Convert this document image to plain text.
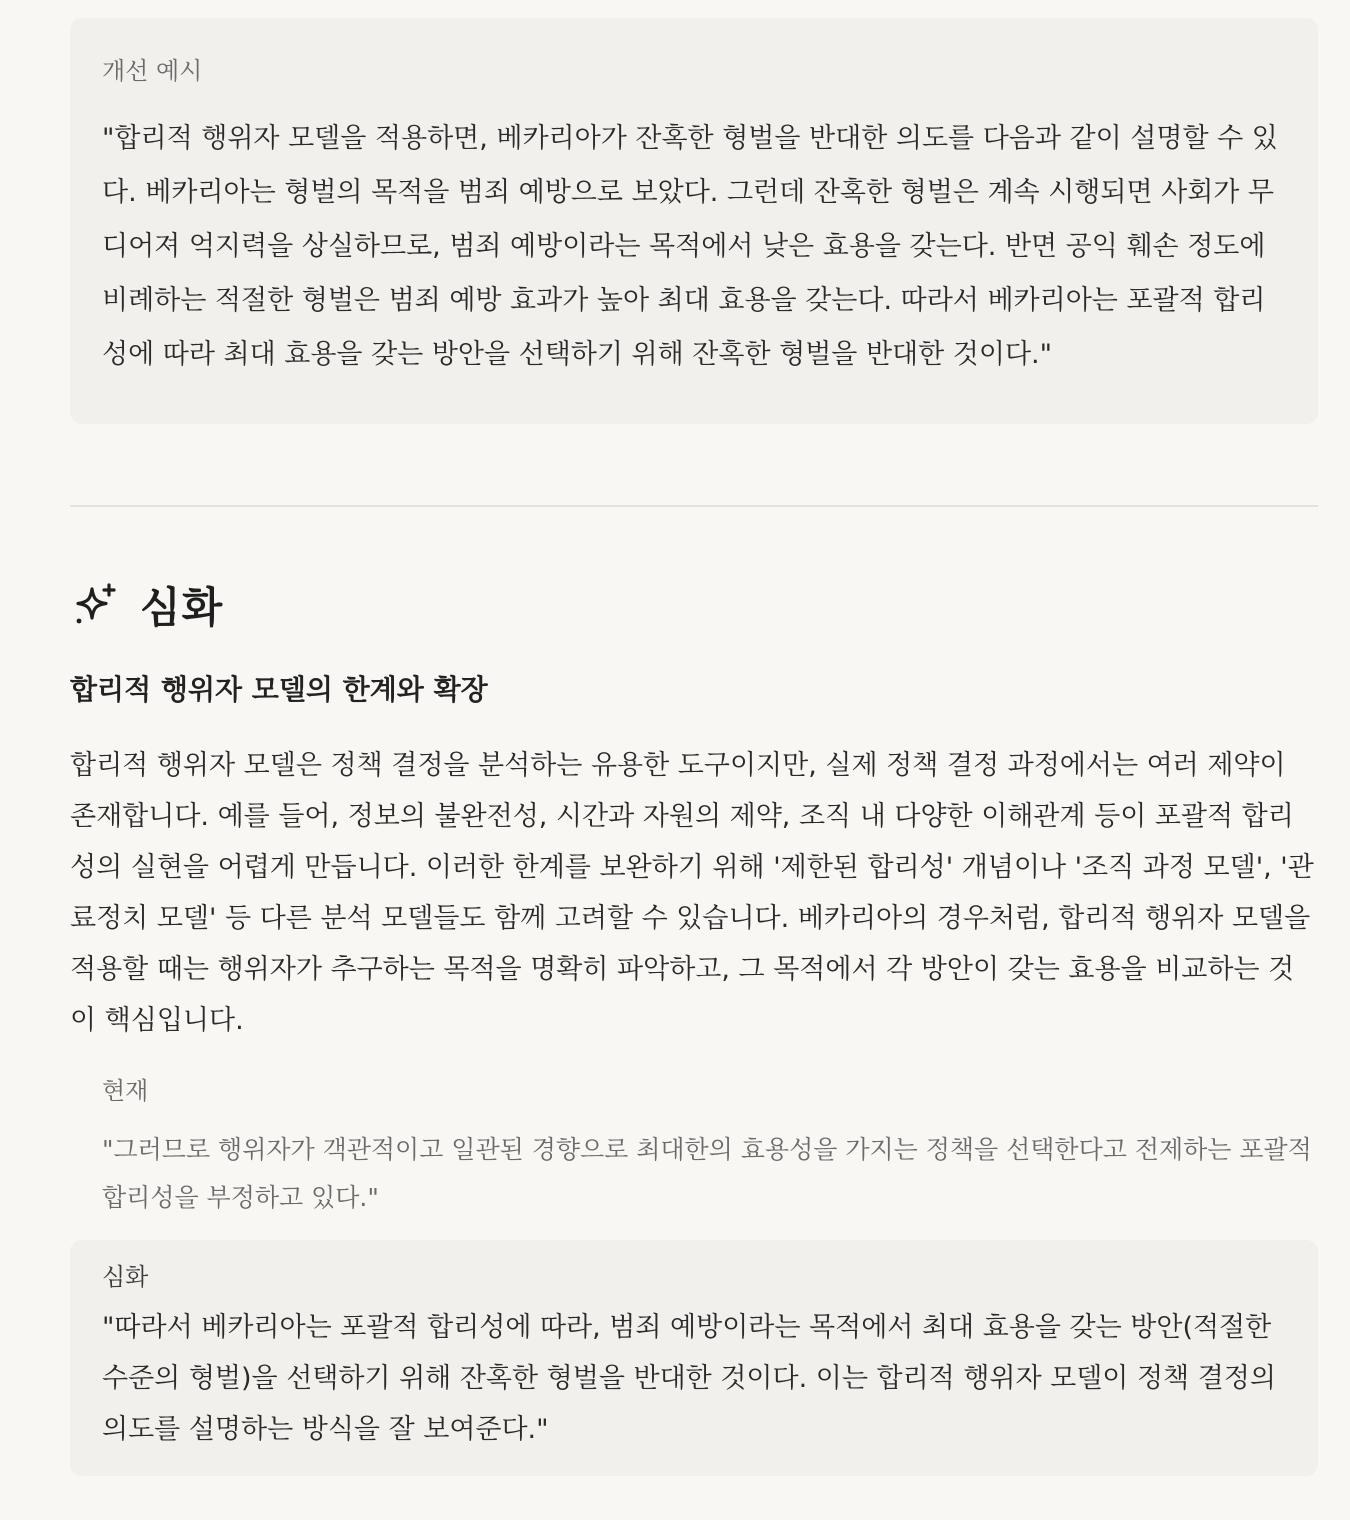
개선 예시
"합리적 행위자 모델을 적용하면, 베카리아가 잔혹한 형벌을 반대한 의도를 다음과 같이 설명할 수 있다. 베카리아는 형벌의 목적을 범죄 예방으로 보았다. 그런데 잔혹한 형벌은 계속 시행되면 사회가 무디어져 억지력을 상실하므로, 범죄 예방이라는 목적에서 낮은 효용을 갖는다. 반면 공익 훼손 정도에 비례하는 적절한 형벌은 범죄 예방 효과가 높아 최대 효용을 갖는다. 따라서 베카리아는 포괄적 합리성에 따라 최대 효용을 갖는 방안을 선택하기 위해 잔혹한 형벌을 반대한 것이다."
심화
합리적 행위자 모델의 한계와 확장
합리적 행위자 모델은 정책 결정을 분석하는 유용한 도구이지만, 실제 정책 결정 과정에서는 여러 제약이 존재합니다. 예를 들어, 정보의 불완전성, 시간과 자원의 제약, 조직 내 다양한 이해관계 등이 포괄적 합리성의 실현을 어렵게 만듭니다. 이러한 한계를 보완하기 위해 '제한된 합리성' 개념이나 '조직 과정 모델', '관료정치 모델' 등 다른 분석 모델들도 함께 고려할 수 있습니다. 베카리아의 경우처럼, 합리적 행위자 모델을 적용할 때는 행위자가 추구하는 목적을 명확히 파악하고, 그 목적에서 각 방안이 갖는 효용을 비교하는 것이 핵심입니다.
현재
"그러므로 행위자가 객관적이고 일관된 경향으로 최대한의 효용성을 가지는 정책을 선택한다고 전제하는 포괄적 합리성을 부정하고 있다."
심화
"따라서 베카리아는 포괄적 합리성에 따라, 범죄 예방이라는 목적에서 최대 효용을 갖는 방안(적절한 수준의 형벌)을 선택하기 위해 잔혹한 형벌을 반대한 것이다. 이는 합리적 행위자 모델이 정책 결정의 의도를 설명하는 방식을 잘 보여준다."
